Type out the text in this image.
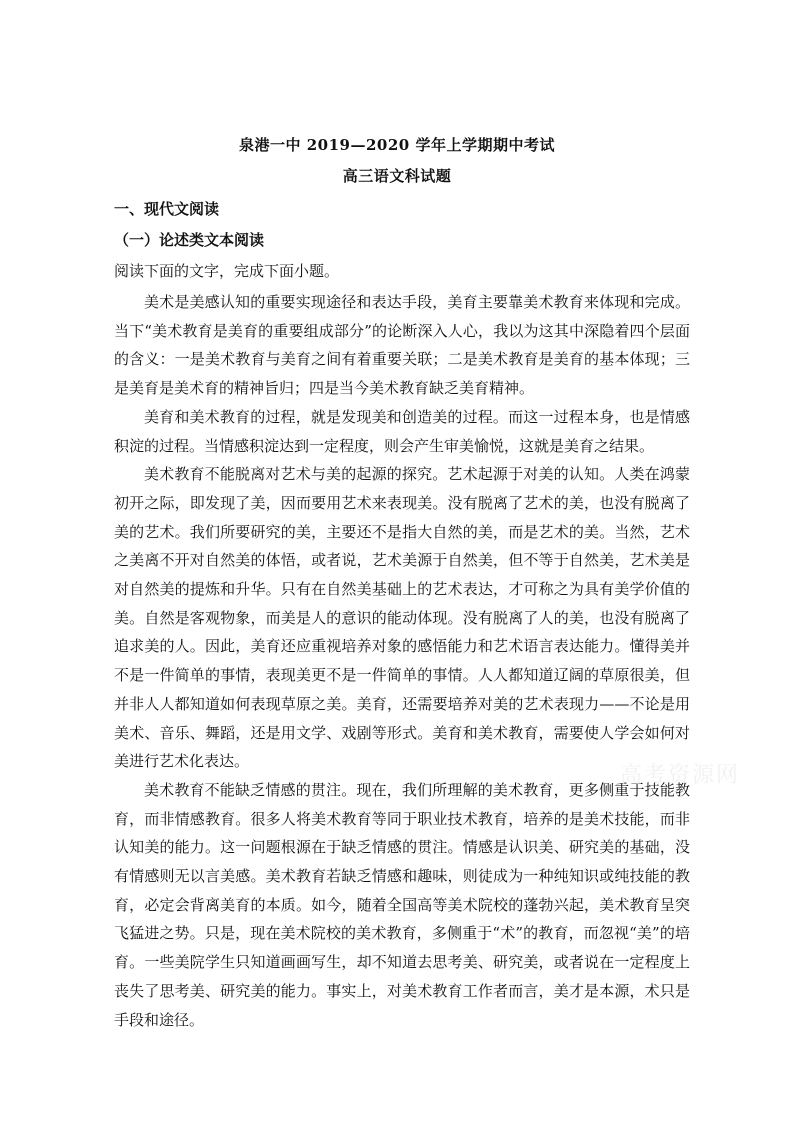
泉港一中 2019—2020 学年上学期期中考试
高三语文科试题
一、现代文阅读
（一）论述类文本阅读
阅读下面的文字，完成下面小题。

美术是美感认知的重要实现途径和表达手段，美育主要靠美术教育来体现和完成。当下“美术教育是美育的重要组成部分”的论断深入人心，我以为这其中深隐着四个层面的含义：一是美术教育与美育之间有着重要关联；二是美术教育是美育的基本体现；三是美育是美术育的精神旨归；四是当今美术教育缺乏美育精神。

美育和美术教育的过程，就是发现美和创造美的过程。而这一过程本身，也是情感积淀的过程。当情感积淀达到一定程度，则会产生审美愉悦，这就是美育之结果。

美术教育不能脱离对艺术与美的起源的探究。艺术起源于对美的认知。人类在鸿蒙初开之际，即发现了美，因而要用艺术来表现美。没有脱离了艺术的美，也没有脱离了美的艺术。我们所要研究的美，主要还不是指大自然的美，而是艺术的美。当然，艺术之美离不开对自然美的体悟，或者说，艺术美源于自然美，但不等于自然美，艺术美是对自然美的提炼和升华。只有在自然美基础上的艺术表达，才可称之为具有美学价值的美。自然是客观物象，而美是人的意识的能动体现。没有脱离了人的美，也没有脱离了追求美的人。因此，美育还应重视培养对象的感悟能力和艺术语言表达能力。懂得美并不是一件简单的事情，表现美更不是一件简单的事情。人人都知道辽阔的草原很美，但并非人人都知道如何表现草原之美。美育，还需要培养对美的艺术表现力——不论是用美术、音乐、舞蹈，还是用文学、戏剧等形式。美育和美术教育，需要使人学会如何对美进行艺术化表达。

美术教育不能缺乏情感的贯注。现在，我们所理解的美术教育，更多侧重于技能教育，而非情感教育。很多人将美术教育等同于职业技术教育，培养的是美术技能，而非认知美的能力。这一问题根源在于缺乏情感的贯注。情感是认识美、研究美的基础，没有情感则无以言美感。美术教育若缺乏情感和趣味，则徒成为一种纯知识或纯技能的教育，必定会背离美育的本质。如今，随着全国高等美术院校的蓬勃兴起，美术教育呈突飞猛进之势。只是，现在美术院校的美术教育，多侧重于“术”的教育，而忽视“美”的培育。一些美院学生只知道画画写生，却不知道去思考美、研究美，或者说在一定程度上丧失了思考美、研究美的能力。事实上，对美术教育工作者而言，美才是本源，术只是手段和途径。

高考资源网
